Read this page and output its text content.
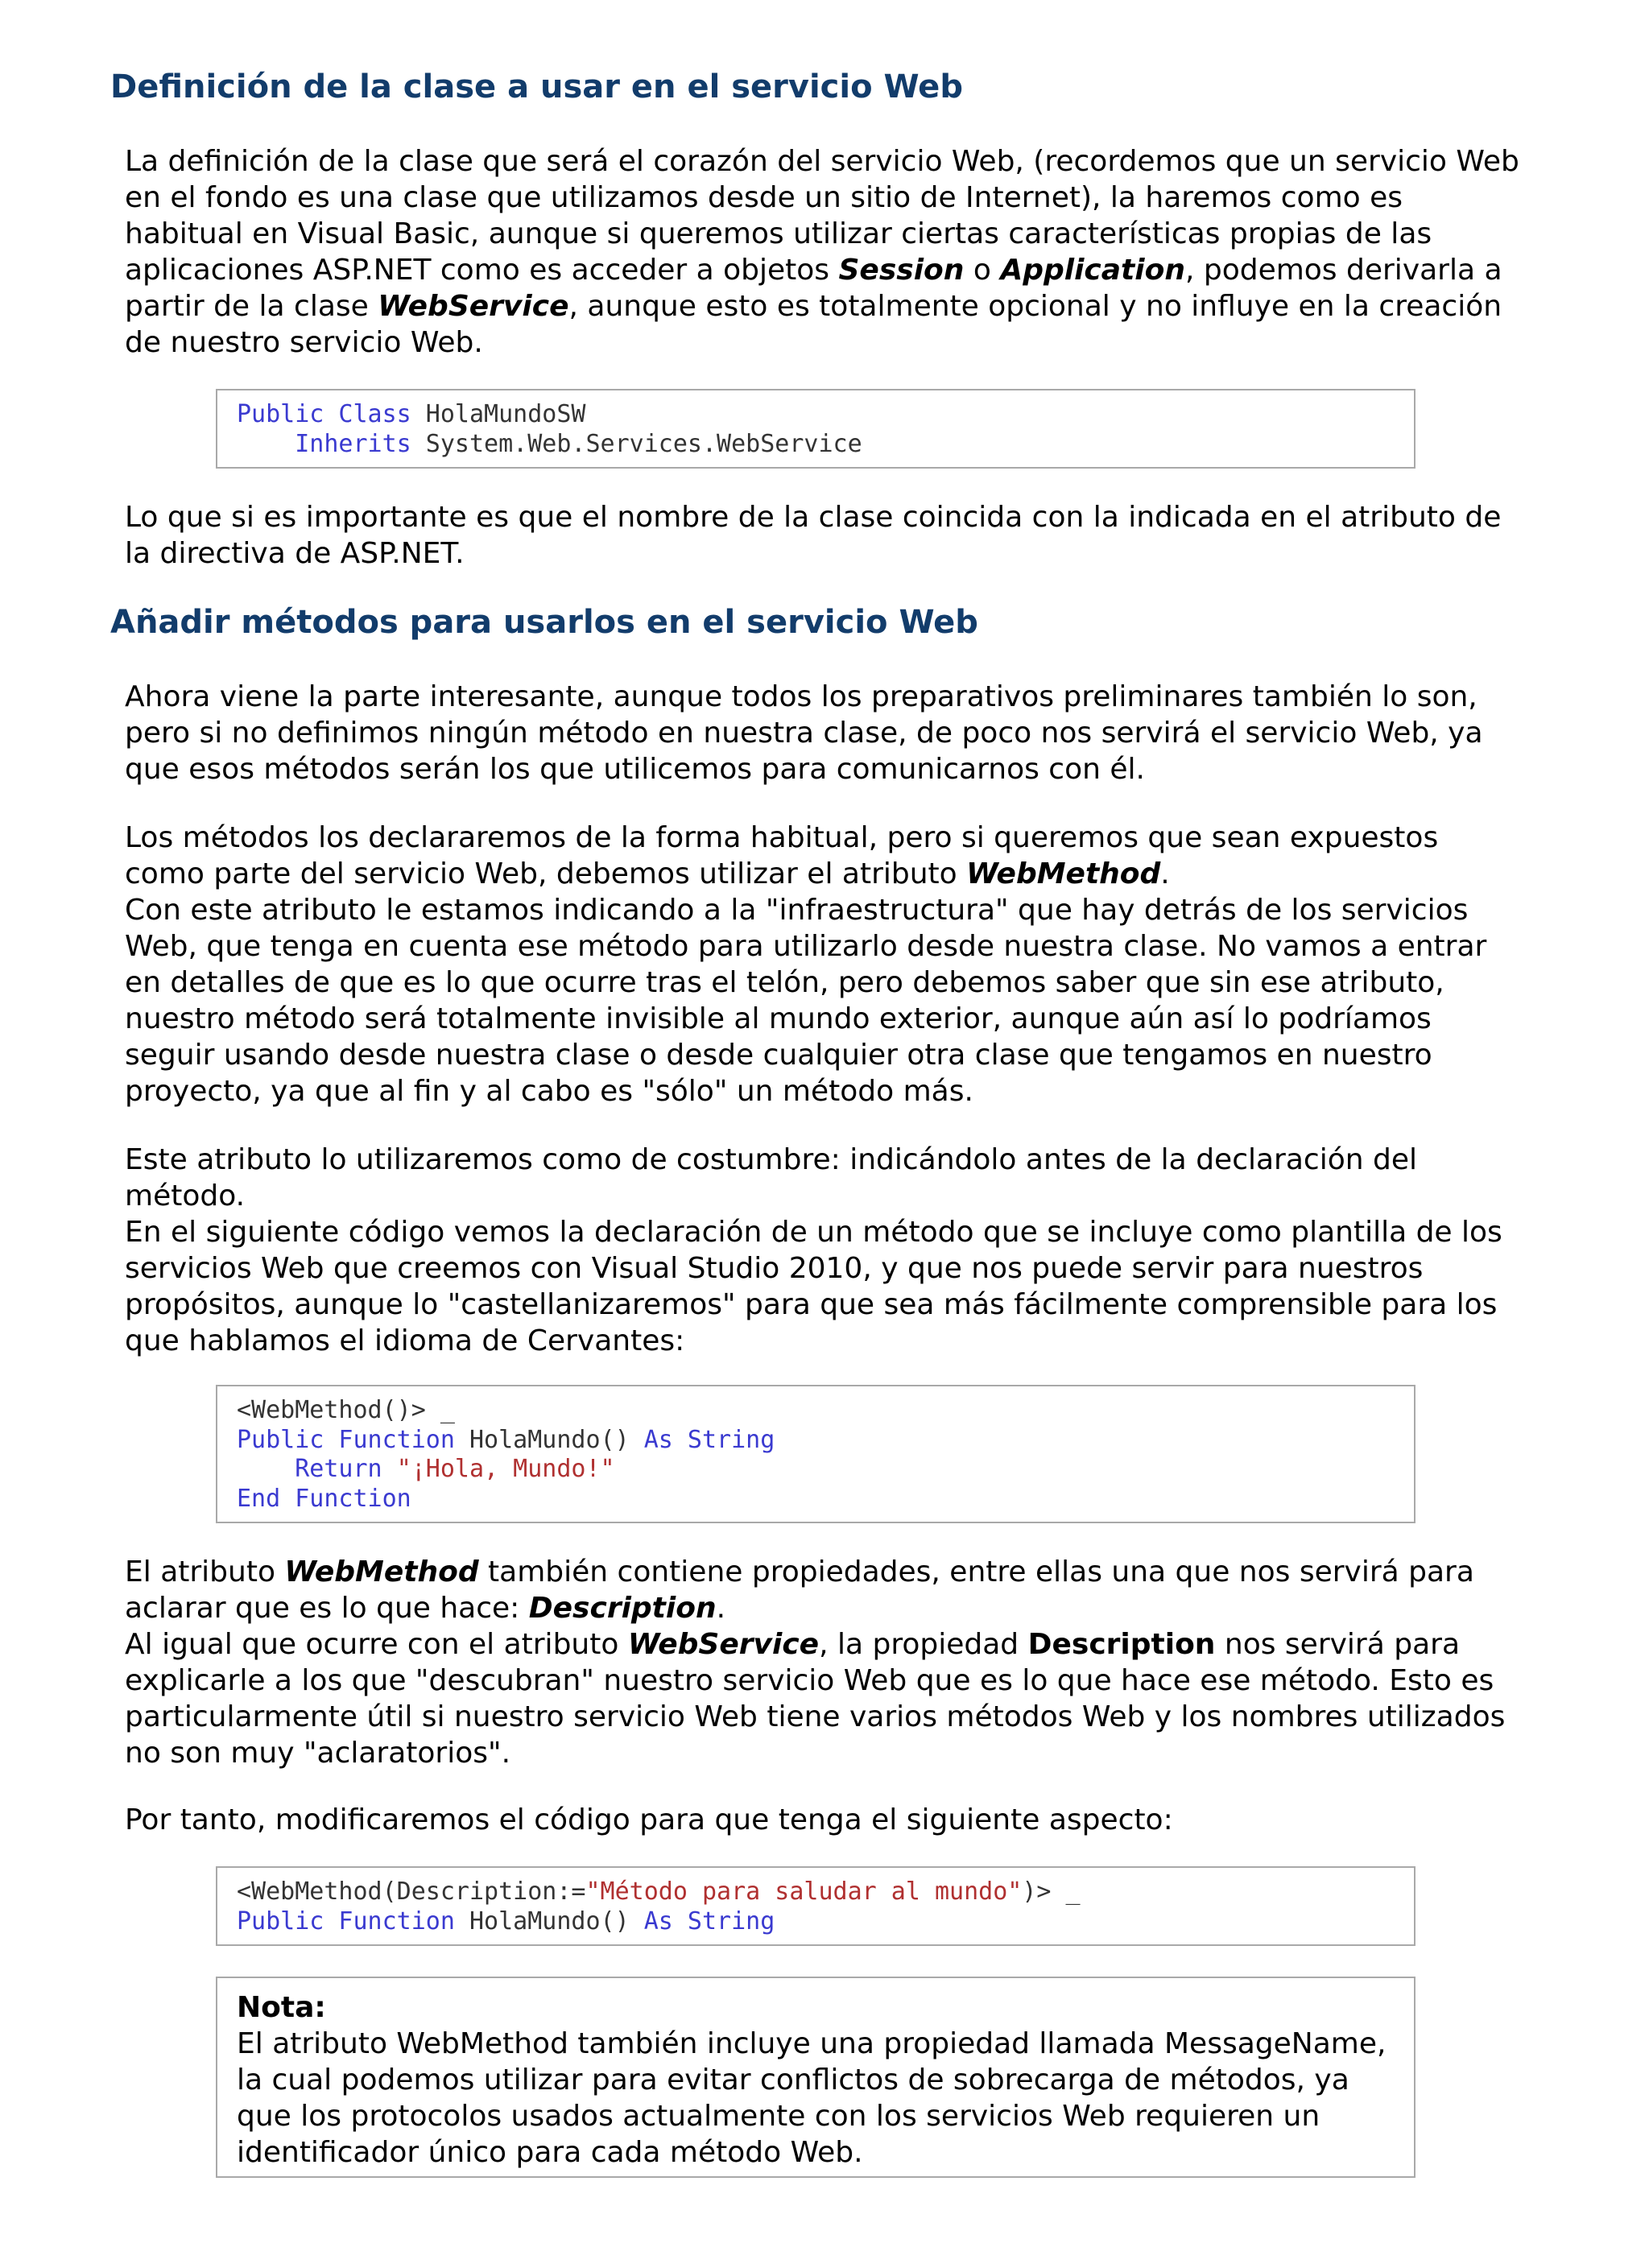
Definición de la clase a usar en el servicio Web

La definición de la clase que será el corazón del servicio Web, (recordemos que un servicio Web en el fondo es una clase que utilizamos desde un sitio de Internet), la haremos como es habitual en Visual Basic, aunque si queremos utilizar ciertas características propias de las aplicaciones ASP.NET como es acceder a objetos Session o Application, podemos derivarla a partir de la clase WebService, aunque esto es totalmente opcional y no influye en la creación de nuestro servicio Web.

Public Class HolaMundoSW
Inherits System.Web.Services.WebService

Lo que si es importante es que el nombre de la clase coincida con la indicada en el atributo de la directiva de ASP.NET.

Añadir métodos para usarlos en el servicio Web

Ahora viene la parte interesante, aunque todos los preparativos preliminares también lo son, pero si no definimos ningún método en nuestra clase, de poco nos servirá el servicio Web, ya que esos métodos serán los que utilicemos para comunicarnos con él.

Los métodos los declararemos de la forma habitual, pero si queremos que sean expuestos como parte del servicio Web, debemos utilizar el atributo WebMethod.
Con este atributo le estamos indicando a la "infraestructura" que hay detrás de los servicios Web, que tenga en cuenta ese método para utilizarlo desde nuestra clase. No vamos a entrar en detalles de que es lo que ocurre tras el telón, pero debemos saber que sin ese atributo, nuestro método será totalmente invisible al mundo exterior, aunque aún así lo podríamos seguir usando desde nuestra clase o desde cualquier otra clase que tengamos en nuestro proyecto, ya que al fin y al cabo es "sólo" un método más.

Este atributo lo utilizaremos como de costumbre: indicándolo antes de la declaración del método.
En el siguiente código vemos la declaración de un método que se incluye como plantilla de los servicios Web que creemos con Visual Studio 2010, y que nos puede servir para nuestros propósitos, aunque lo "castellanizaremos" para que sea más fácilmente comprensible para los que hablamos el idioma de Cervantes:

<WebMethod()> _
Public Function HolaMundo() As String
Return "¡Hola, Mundo!"
End Function

El atributo WebMethod también contiene propiedades, entre ellas una que nos servirá para aclarar que es lo que hace: Description.
Al igual que ocurre con el atributo WebService, la propiedad Description nos servirá para explicarle a los que "descubran" nuestro servicio Web que es lo que hace ese método. Esto es particularmente útil si nuestro servicio Web tiene varios métodos Web y los nombres utilizados no son muy "aclaratorios".

Por tanto, modificaremos el código para que tenga el siguiente aspecto:

<WebMethod(Description:="Método para saludar al mundo")> _
Public Function HolaMundo() As String
Nota:
El atributo WebMethod también incluye una propiedad llamada MessageName, la cual podemos utilizar para evitar conflictos de sobrecarga de métodos, ya que los protocolos usados actualmente con los servicios Web requieren un identificador único para cada método Web.
